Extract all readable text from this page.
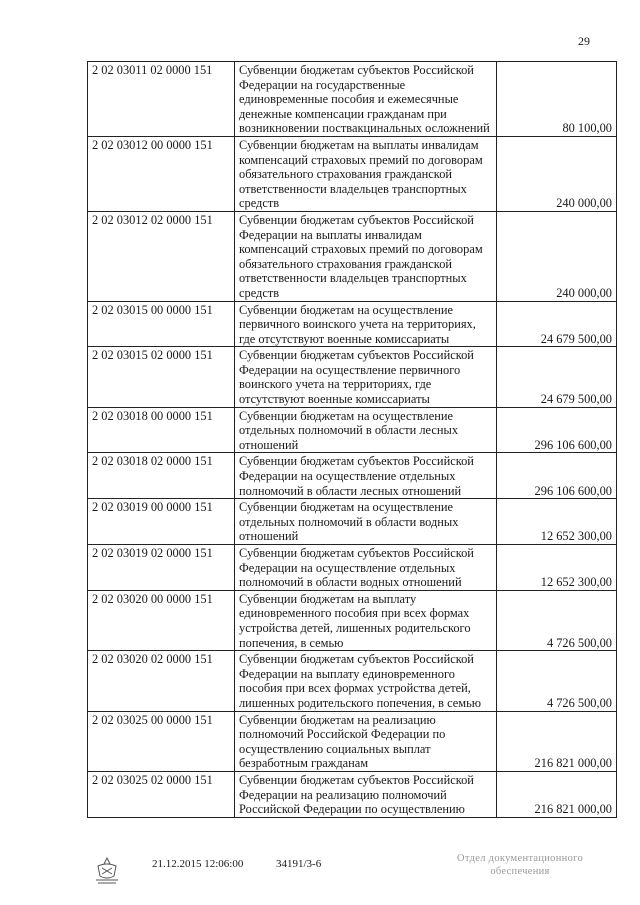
29
2 02 03011 02 0000 151	Субвенции бюджетам субъектов Российской Федерации на государственные единовременные пособия и ежемесячные денежные компенсации гражданам при возникновении поствакцинальных осложнений	80 100,00
2 02 03012 00 0000 151	Субвенции бюджетам на выплаты инвалидам компенсаций страховых премий по договорам обязательного страхования гражданской ответственности владельцев транспортных средств	240 000,00
2 02 03012 02 0000 151	Субвенции бюджетам субъектов Российской Федерации на выплаты инвалидам компенсаций страховых премий по договорам обязательного страхования гражданской ответственности владельцев транспортных средств	240 000,00
2 02 03015 00 0000 151	Субвенции бюджетам на осуществление первичного воинского учета на территориях, где отсутствуют военные комиссариаты	24 679 500,00
2 02 03015 02 0000 151	Субвенции бюджетам субъектов Российской Федерации на осуществление первичного воинского учета на территориях, где отсутствуют военные комиссариаты	24 679 500,00
2 02 03018 00 0000 151	Субвенции бюджетам на осуществление отдельных полномочий в области лесных отношений	296 106 600,00
2 02 03018 02 0000 151	Субвенции бюджетам субъектов Российской Федерации на осуществление отдельных полномочий в области лесных отношений	296 106 600,00
2 02 03019 00 0000 151	Субвенции бюджетам на осуществление отдельных полномочий в области водных отношений	12 652 300,00
2 02 03019 02 0000 151	Субвенции бюджетам субъектов Российской Федерации на осуществление отдельных полномочий в области водных отношений	12 652 300,00
2 02 03020 00 0000 151	Субвенции бюджетам на выплату единовременного пособия при всех формах устройства детей, лишенных родительского попечения, в семью	4 726 500,00
2 02 03020 02 0000 151	Субвенции бюджетам субъектов Российской Федерации на выплату единовременного пособия при всех формах устройства детей, лишенных родительского попечения, в семью	4 726 500,00
2 02 03025 00 0000 151	Субвенции бюджетам на реализацию полномочий Российской Федерации по осуществлению социальных выплат безработным гражданам	216 821 000,00
2 02 03025 02 0000 151	Субвенции бюджетам субъектов Российской Федерации на реализацию полномочий Российской Федерации по осуществлению	216 821 000,00
21.12.2015 12:06:00	34191/3-6	Отдел документационного обеспечения
